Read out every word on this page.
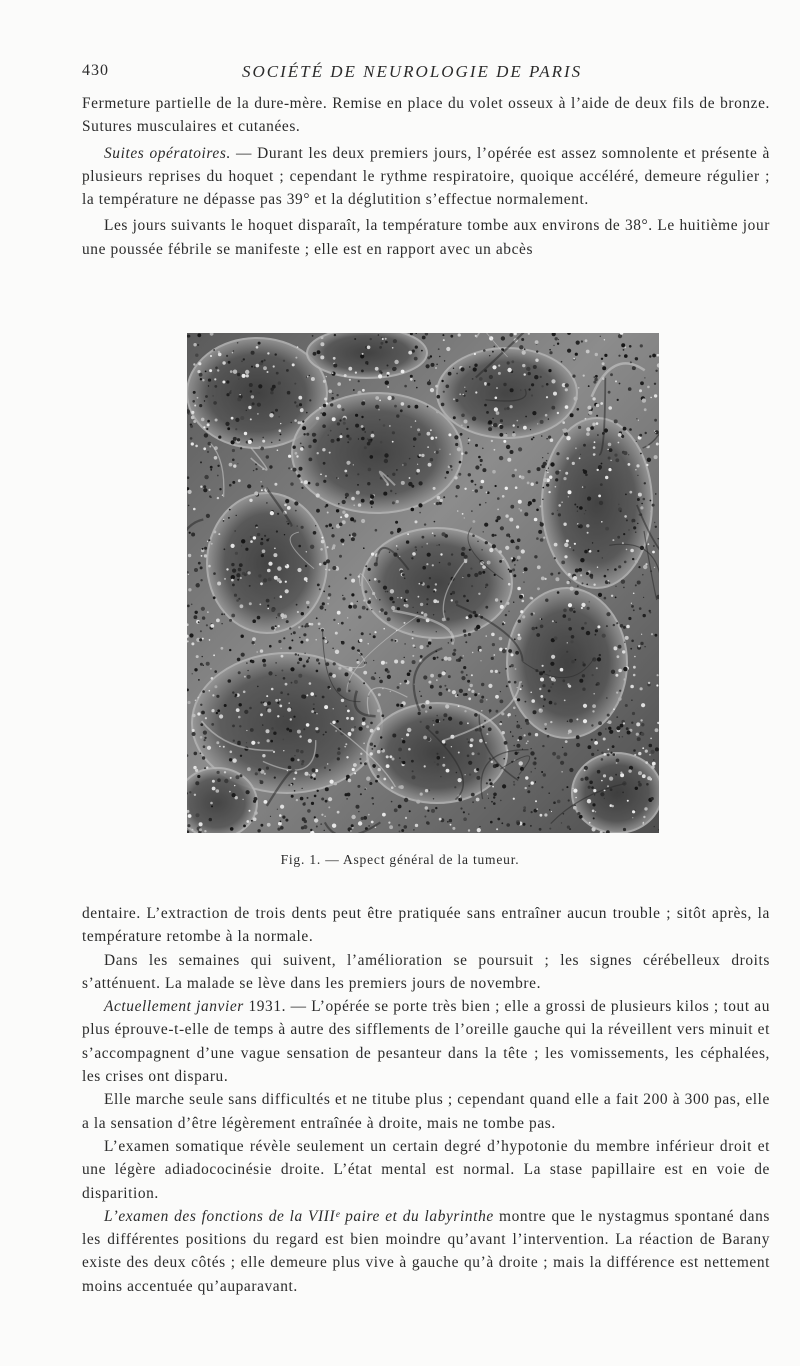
430	SOCIÉTÉ DE NEUROLOGIE DE PARIS

Fermeture partielle de la dure-mère. Remise en place du volet osseux à l’aide de deux fils de bronze. Sutures musculaires et cutanées.

Suites opératoires. — Durant les deux premiers jours, l’opérée est assez somnolente et présente à plusieurs reprises du hoquet ; cependant le rythme respiratoire, quoique accéléré, demeure régulier ; la température ne dépasse pas 39° et la déglutition s’effectue normalement.

Les jours suivants le hoquet disparaît, la température tombe aux environs de 38°. Le huitième jour une poussée fébrile se manifeste ; elle est en rapport avec un abcès

Fig. 1. — Aspect général de la tumeur.

dentaire. L’extraction de trois dents peut être pratiquée sans entraîner aucun trouble ; sitôt après, la température retombe à la normale.

Dans les semaines qui suivent, l’amélioration se poursuit ; les signes cérébelleux droits s’atténuent. La malade se lève dans les premiers jours de novembre.

Actuellement janvier 1931. — L’opérée se porte très bien ; elle a grossi de plusieurs kilos ; tout au plus éprouve-t-elle de temps à autre des sifflements de l’oreille gauche qui la réveillent vers minuit et s’accompagnent d’une vague sensation de pesanteur dans la tête ; les vomissements, les céphalées, les crises ont disparu.

Elle marche seule sans difficultés et ne titube plus ; cependant quand elle a fait 200 à 300 pas, elle a la sensation d’être légèrement entraînée à droite, mais ne tombe pas.

L’examen somatique révèle seulement un certain degré d’hypotonie du membre inférieur droit et une légère adiadococinésie droite. L’état mental est normal. La stase papillaire est en voie de disparition.

L’examen des fonctions de la VIIIᵉ paire et du labyrinthe montre que le nystagmus spontané dans les différentes positions du regard est bien moindre qu’avant l’intervention. La réaction de Barany existe des deux côtés ; elle demeure plus vive à gauche qu’à droite ; mais la différence est nettement moins accentuée qu’auparavant.
